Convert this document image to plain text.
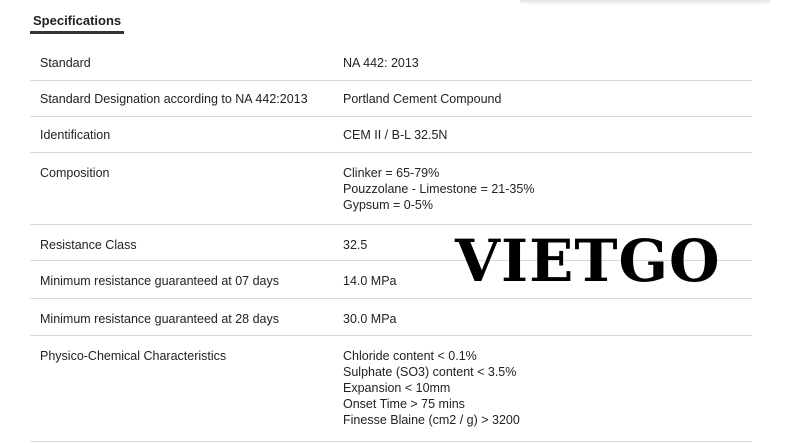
Specifications
Standard	NA 442: 2013

Standard Designation according to NA 442:2013	Portland Cement Compound

Identification	CEM II / B-L 32.5N

Composition	Clinker = 65-79%
Pouzzolane - Limestone = 21-35%
Gypsum = 0-5%

Resistance Class	32.5

Minimum resistance guaranteed at 07 days	14.0 MPa

Minimum resistance guaranteed at 28 days	30.0 MPa

Physico-Chemical Characteristics	Chloride content < 0.1%
Sulphate (SO3) content < 3.5%
Expansion < 10mm
Onset Time > 75 mins
Finesse Blaine (cm2 / g) > 3200
VIETGO
